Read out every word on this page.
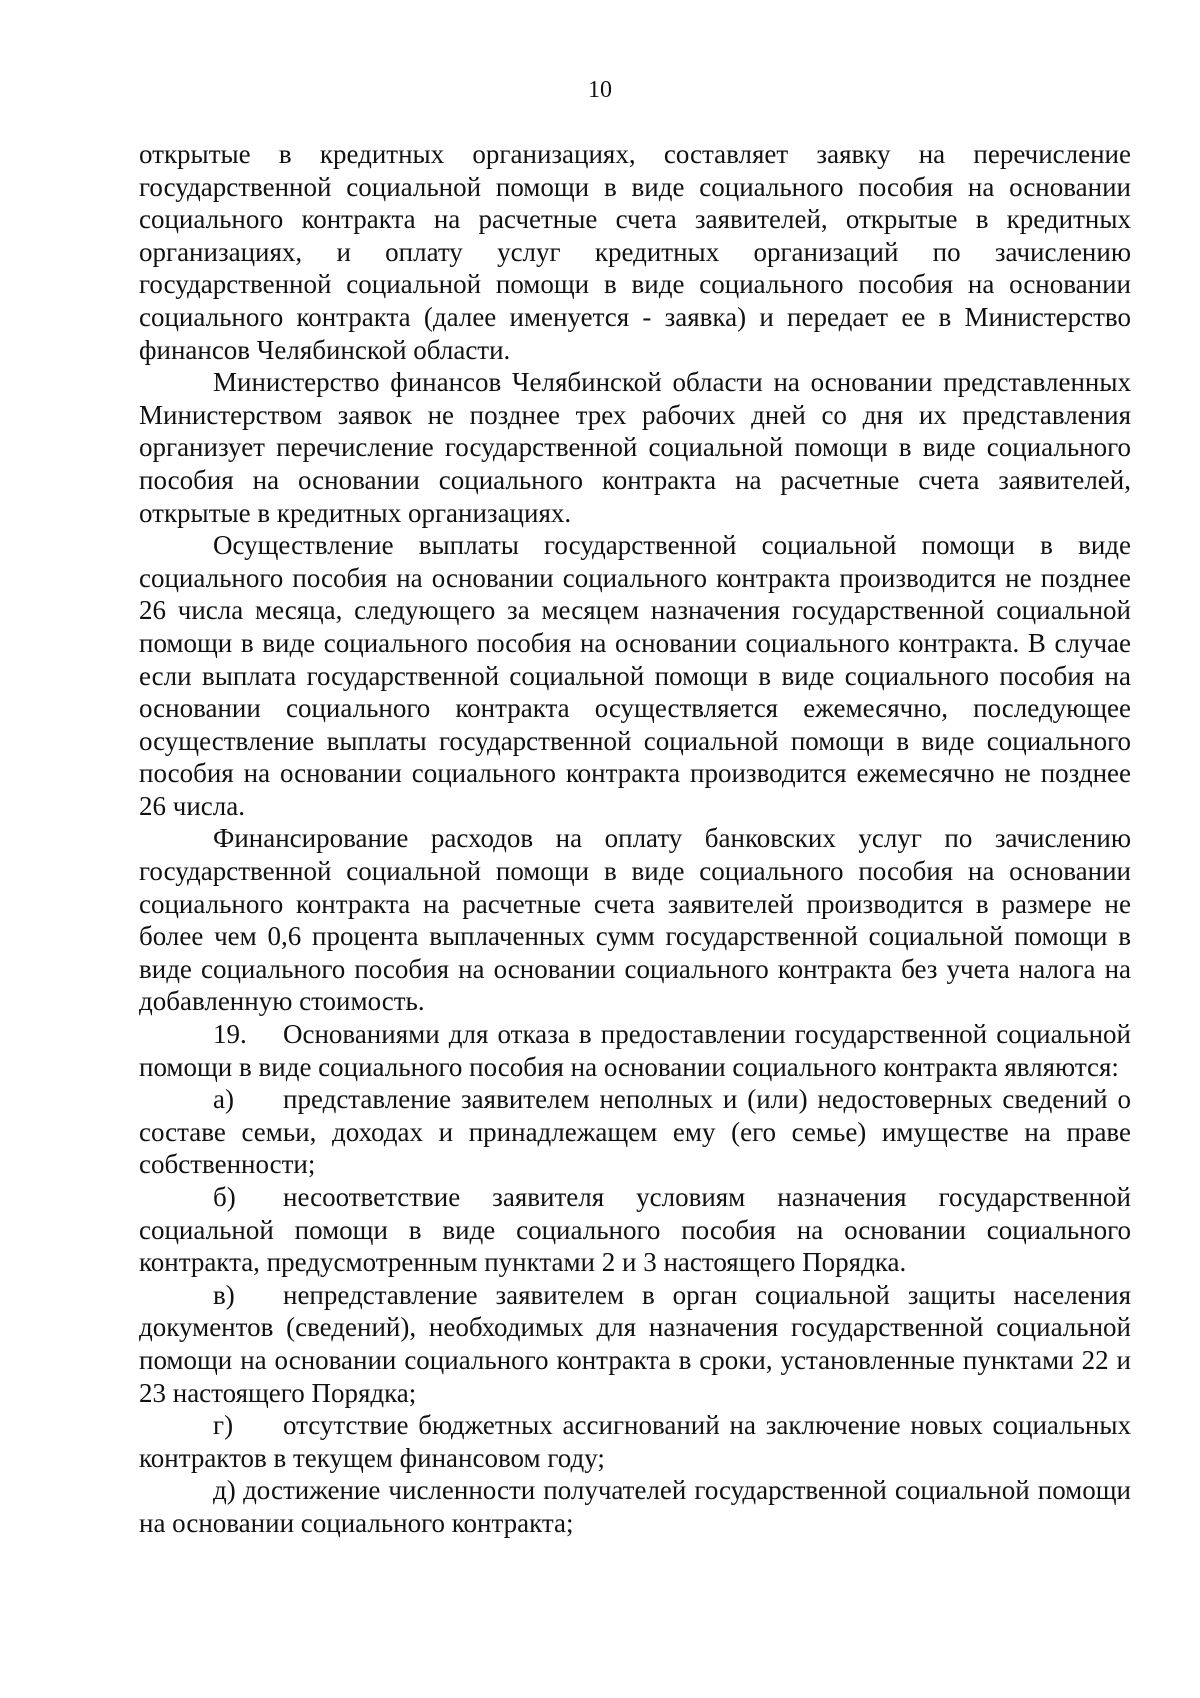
10

открытые в кредитных организациях, составляет заявку на перечисление государственной социальной помощи в виде социального пособия на основании социального контракта на расчетные счета заявителей, открытые в кредитных организациях, и оплату услуг кредитных организаций по зачислению государственной социальной помощи в виде социального пособия на основании социального контракта (далее именуется - заявка) и передает ее в Министерство финансов Челябинской области.

Министерство финансов Челябинской области на основании представленных Министерством заявок не позднее трех рабочих дней со дня их представления организует перечисление государственной социальной помощи в виде социального пособия на основании социального контракта на расчетные счета заявителей, открытые в кредитных организациях.

Осуществление выплаты государственной социальной помощи в виде социального пособия на основании социального контракта производится не позднее 26 числа месяца, следующего за месяцем назначения государственной социальной помощи в виде социального пособия на основании социального контракта. В случае если выплата государственной социальной помощи в виде социального пособия на основании социального контракта осуществляется ежемесячно, последующее осуществление выплаты государственной социальной помощи в виде социального пособия на основании социального контракта производится ежемесячно не позднее 26 числа.

Финансирование расходов на оплату банковских услуг по зачислению государственной социальной помощи в виде социального пособия на основании социального контракта на расчетные счета заявителей производится в размере не более чем 0,6 процента выплаченных сумм государственной социальной помощи в виде социального пособия на основании социального контракта без учета налога на добавленную стоимость.

19. Основаниями для отказа в предоставлении государственной социальной помощи в виде социального пособия на основании социального контракта являются:

а) представление заявителем неполных и (или) недостоверных сведений о составе семьи, доходах и принадлежащем ему (его семье) имуществе на праве собственности;

б) несоответствие заявителя условиям назначения государственной социальной помощи в виде социального пособия на основании социального контракта, предусмотренным пунктами 2 и 3 настоящего Порядка.

в) непредставление заявителем в орган социальной защиты населения документов (сведений), необходимых для назначения государственной социальной помощи на основании социального контракта в сроки, установленные пунктами 22 и 23 настоящего Порядка;

г) отсутствие бюджетных ассигнований на заключение новых социальных контрактов в текущем финансовом году;

д) достижение численности получателей государственной социальной помощи на основании социального контракта;
